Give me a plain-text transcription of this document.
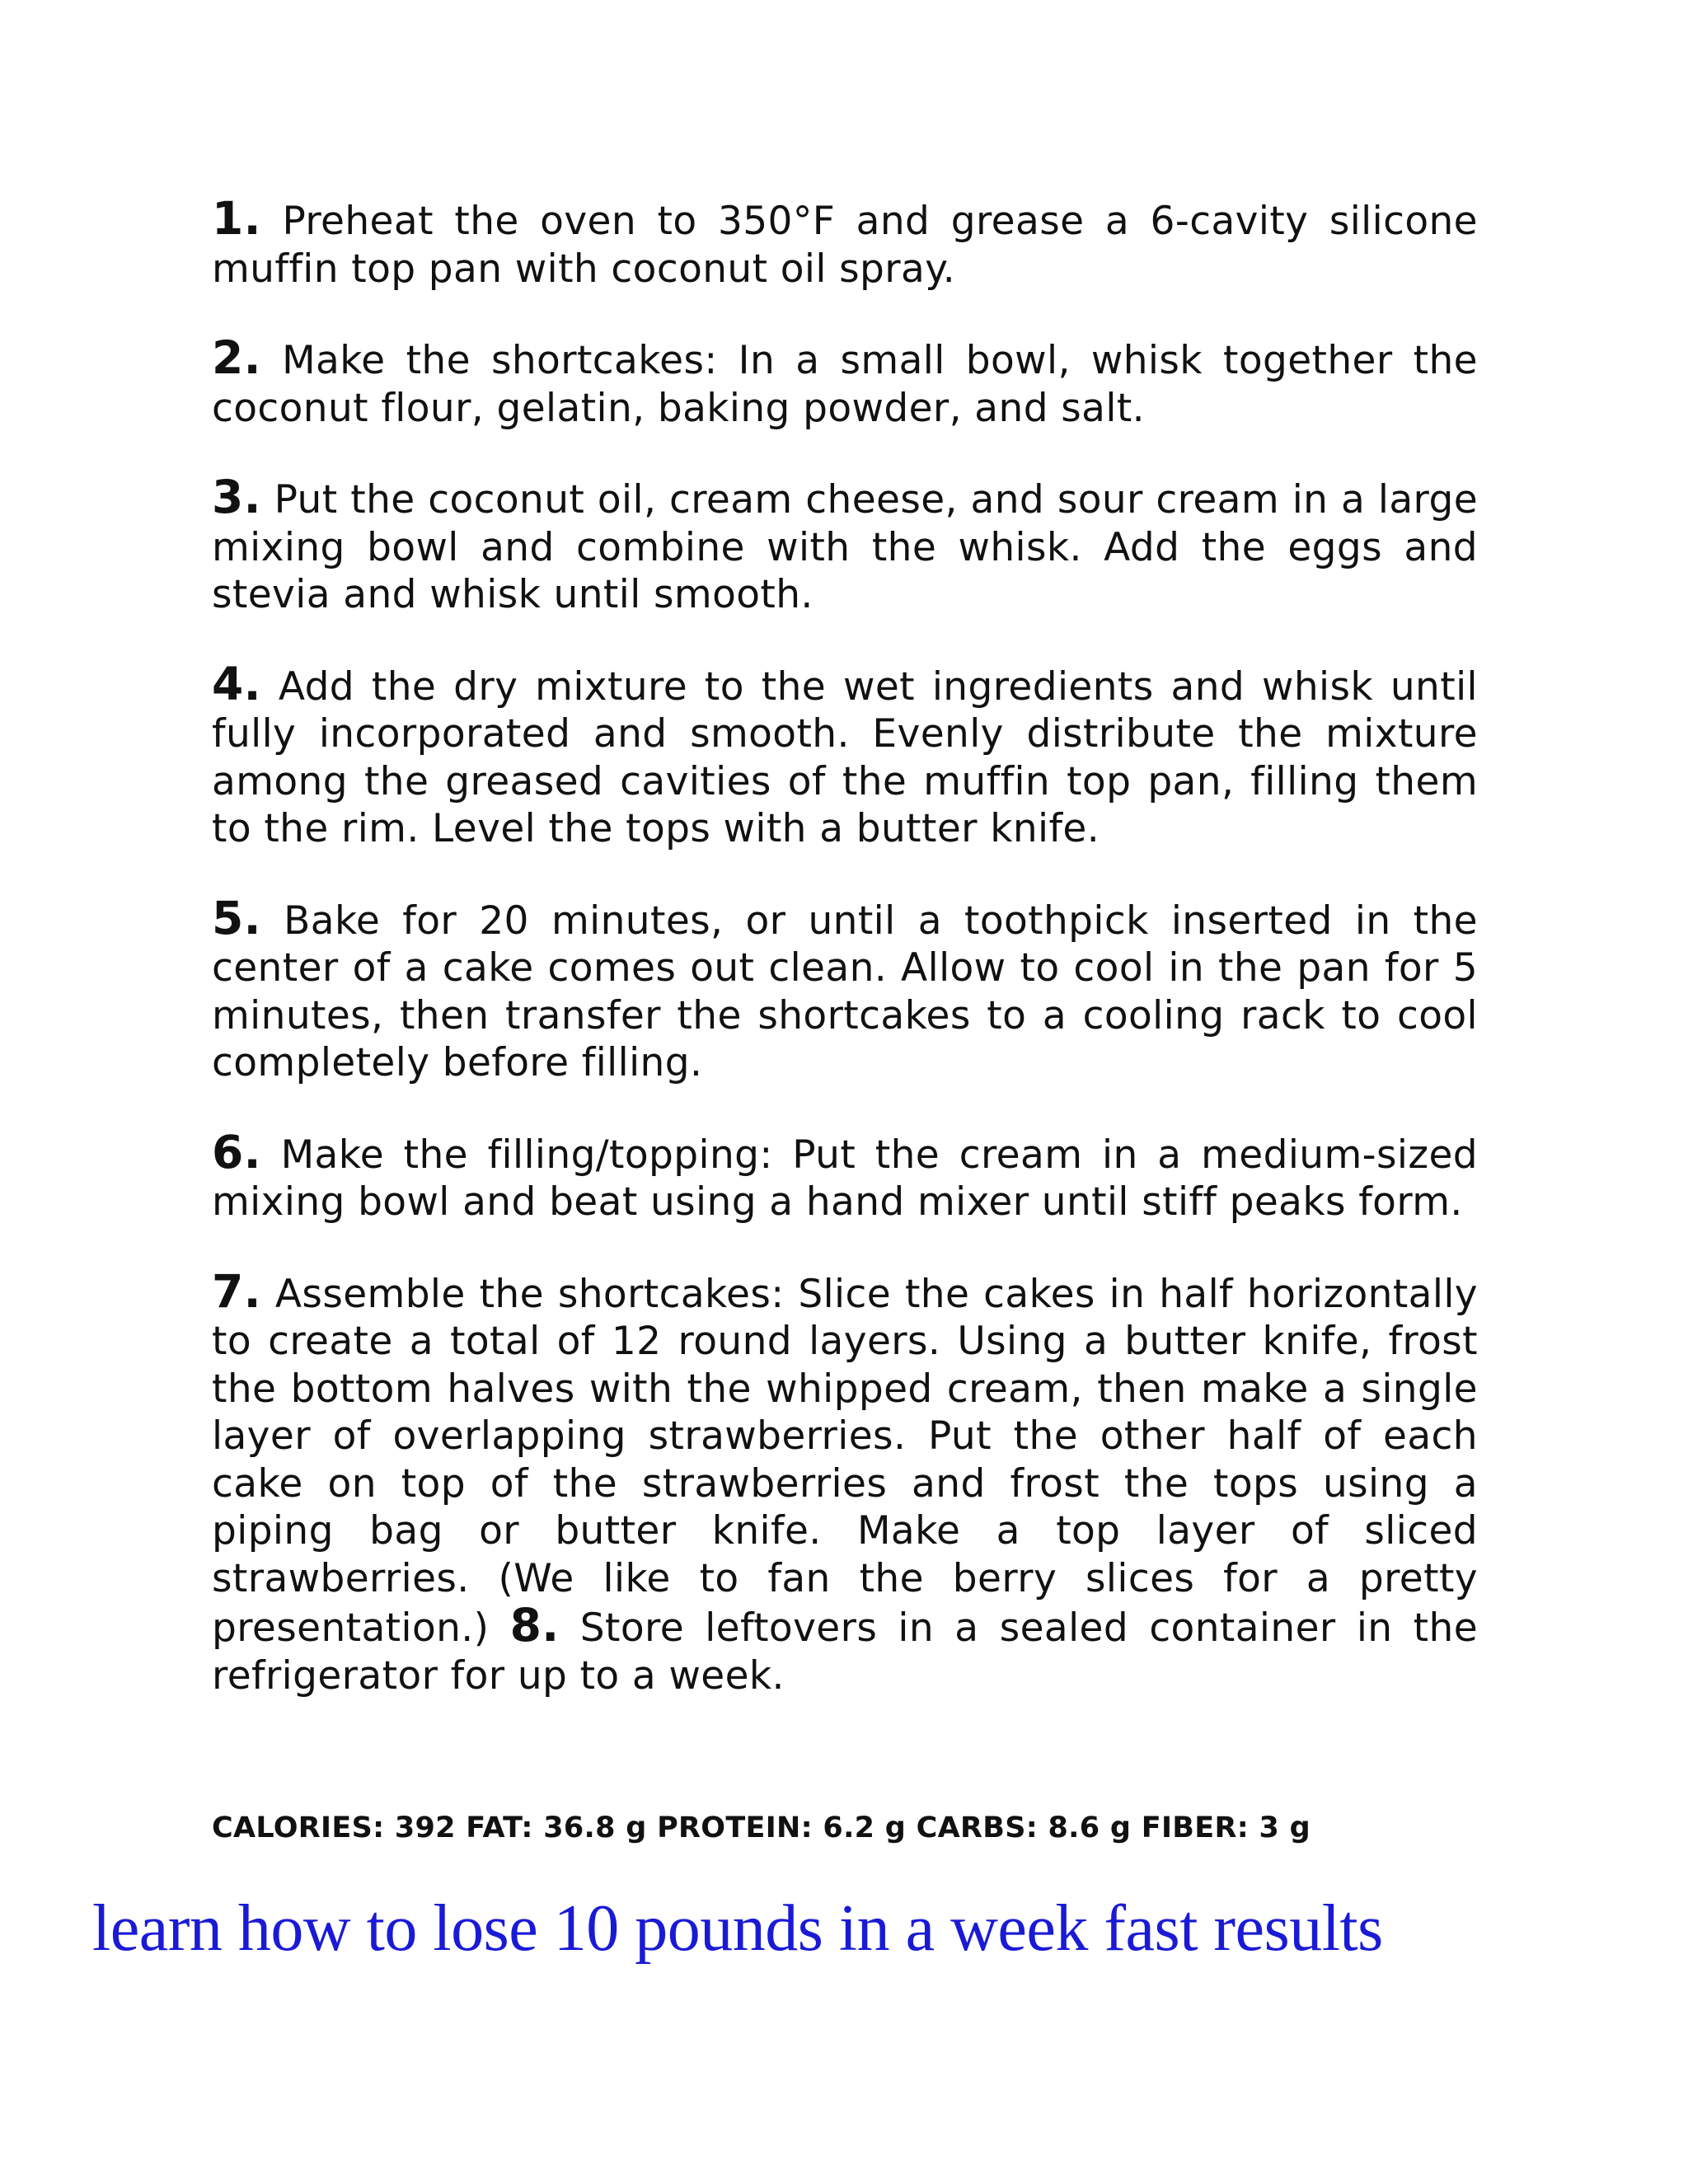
1. Preheat the oven to 350°F and grease a 6-cavity silicone muffin top pan with coconut oil spray.

2. Make the shortcakes: In a small bowl, whisk together the coconut flour, gelatin, baking powder, and salt.

3. Put the coconut oil, cream cheese, and sour cream in a large mixing bowl and combine with the whisk. Add the eggs and stevia and whisk until smooth.

4. Add the dry mixture to the wet ingredients and whisk until fully incorporated and smooth. Evenly distribute the mixture among the greased cavities of the muffin top pan, filling them to the rim. Level the tops with a butter knife.

5. Bake for 20 minutes, or until a toothpick inserted in the center of a cake comes out clean. Allow to cool in the pan for 5 minutes, then transfer the shortcakes to a cooling rack to cool completely before filling.

6. Make the filling/topping: Put the cream in a medium-sized mixing bowl and beat using a hand mixer until stiff peaks form.

7. Assemble the shortcakes: Slice the cakes in half horizontally to create a total of 12 round layers. Using a butter knife, frost the bottom halves with the whipped cream, then make a single layer of overlapping strawberries. Put the other half of each cake on top of the strawberries and frost the tops using a piping bag or butter knife. Make a top layer of sliced strawberries. (We like to fan the berry slices for a pretty presentation.) 8. Store leftovers in a sealed container in the refrigerator for up to a week.

CALORIES: 392 FAT: 36.8 g PROTEIN: 6.2 g CARBS: 8.6 g FIBER: 3 g
learn how to lose 10 pounds in a week fast results
